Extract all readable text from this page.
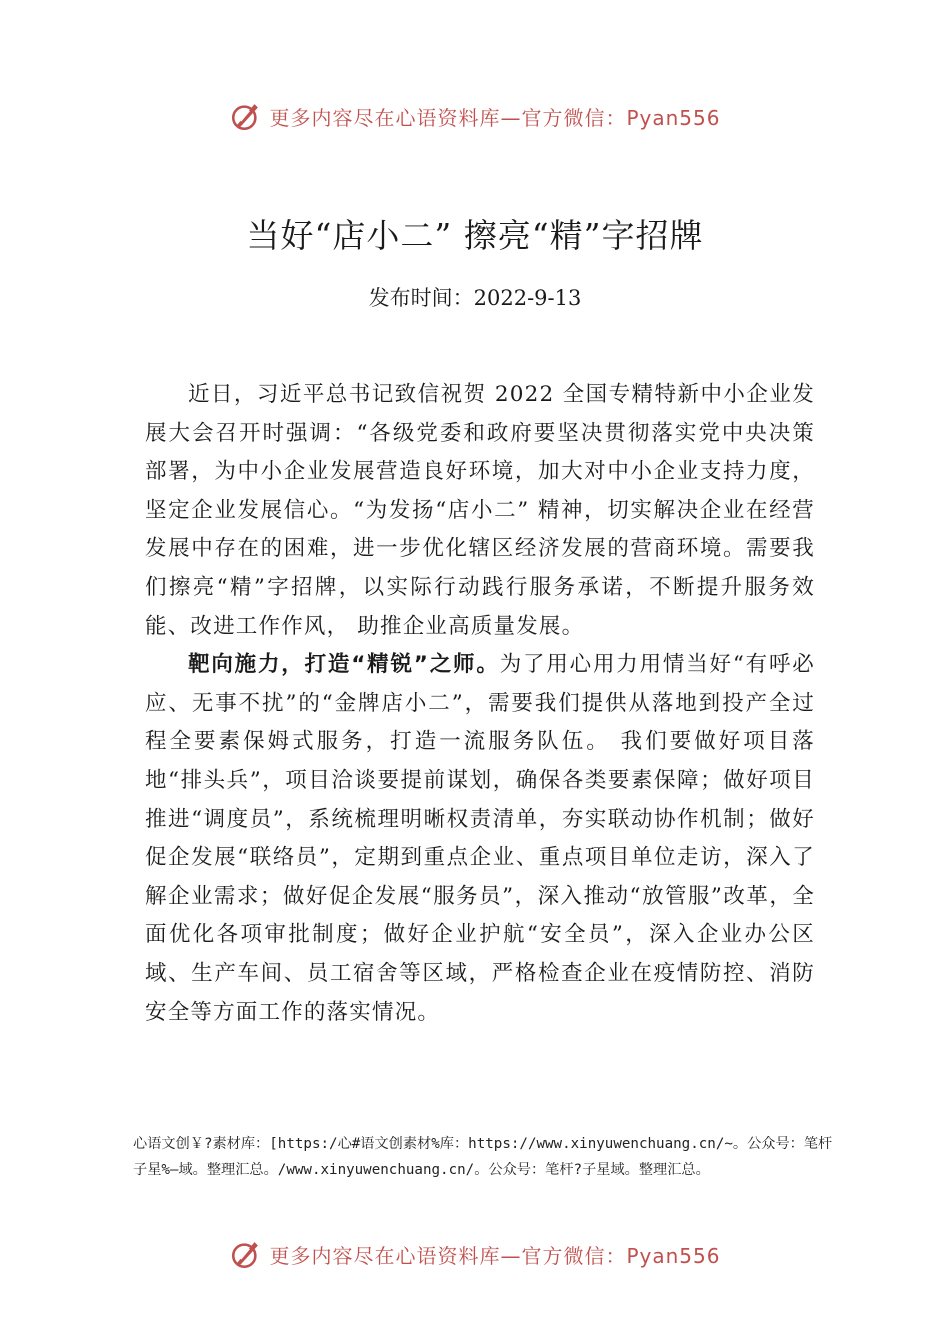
更多内容尽在心语资料库—官方微信：Pyan556
当好“店小二” 擦亮“精”字招牌
发布时间：2022-9-13

近日，习近平总书记致信祝贺 2022 全国专精特新中小企业发展大会召开时强调：“各级党委和政府要坚决贯彻落实党中央决策部署，为中小企业发展营造良好环境，加大对中小企业支持力度，坚定企业发展信心。“为发扬“店小二” 精神，切实解决企业在经营发展中存在的困难，进一步优化辖区经济发展的营商环境。需要我们擦亮“精”字招牌，以实际行动践行服务承诺，不断提升服务效能、改进工作作风， 助推企业高质量发展。

靶向施力，打造“精锐”之师。为了用心用力用情当好“有呼必应、无事不扰”的“金牌店小二”，需要我们提供从落地到投产全过程全要素保姆式服务，打造一流服务队伍。 我们要做好项目落地“排头兵”，项目洽谈要提前谋划，确保各类要素保障；做好项目推进“调度员”，系统梳理明晰权责清单，夯实联动协作机制；做好促企发展“联络员”，定期到重点企业、重点项目单位走访，深入了解企业需求；做好促企发展“服务员”，深入推动“放管服”改革，全面优化各项审批制度；做好企业护航“安全员”，深入企业办公区域、生产车间、员工宿舍等区域，严格检查企业在疫情防控、消防安全等方面工作的落实情况。

心语文创￥?素材库：[https:/心#语文创素材%库：https://www.xinyuwenchuang.cn/~。公众号：笔杆子星%—域。整理汇总。/www.xinyuwenchuang.cn/。公众号：笔杆?子星域。整理汇总。
更多内容尽在心语资料库—官方微信：Pyan556
